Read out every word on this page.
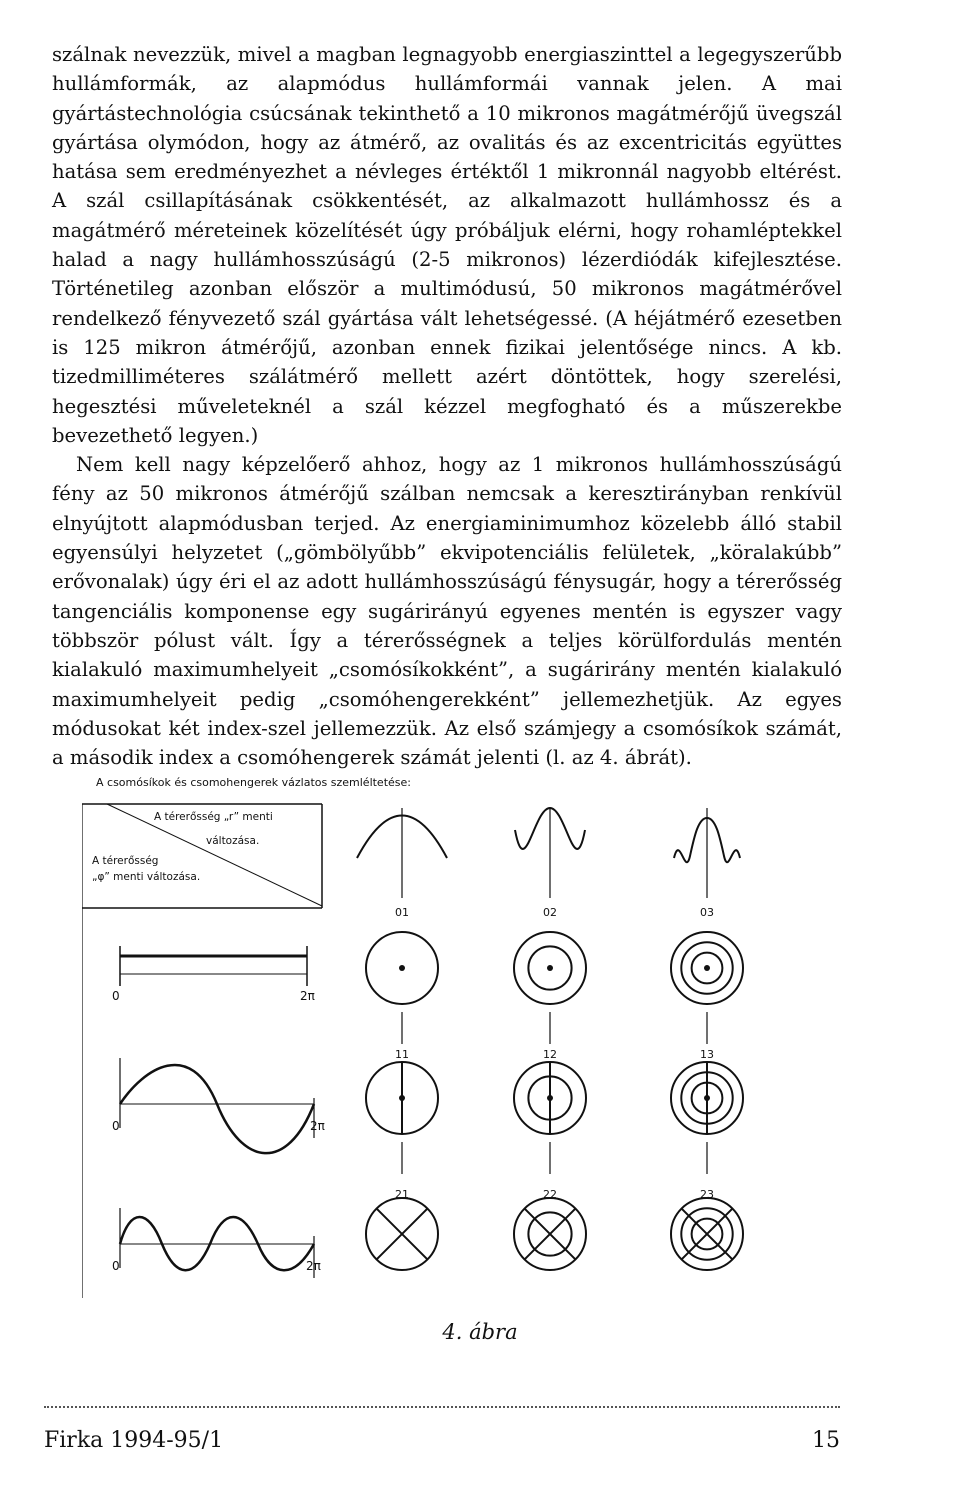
szálnak nevezzük, mivel a magban legnagyobb energiaszinttel a legegyszerűbb hullámformák, az alapmódus hullámformái vannak jelen. A mai gyártástechnológia csúcsának tekinthető a 10 mikronos magátmérőjű üvegszál gyártása olymódon, hogy az átmérő, az ovalitás és az excentricitás együttes hatása sem eredményezhet a névleges értéktől 1 mikronnál nagyobb eltérést. A szál csillapításának csökkentését, az alkalmazott hullámhossz és a magátmérő méreteinek közelítését úgy próbáljuk elérni, hogy rohamléptekkel halad a nagy hullámhosszúságú (2-5 mikronos) lézerdiódák kifejlesztése. Történetileg azonban először a multimódusú, 50 mikronos magátmérővel rendelkező fényvezető szál gyártása vált lehetségessé. (A héjátmérő ezesetben is 125 mikron átmérőjű, azonban ennek fizikai jelentősége nincs. A kb. tizedmilliméteres szálátmérő mellett azért döntöttek, hogy szerelési, hegesztési műveleteknél a szál kézzel megfogható és a műszerekbe bevezethető legyen.)

Nem kell nagy képzelőerő ahhoz, hogy az 1 mikronos hullámhosszúságú fény az 50 mikronos átmérőjű szálban nemcsak a keresztirányban renkívül elnyújtott alapmódusban terjed. Az energiaminimumhoz közelebb álló stabil egyensúlyi helyzetet („gömbölyűbb” ekvipotenciális felületek, „köralakúbb” erővonalak) úgy éri el az adott hullámhosszúságú fénysugár, hogy a térerősség tangenciális komponense egy sugárirányú egyenes mentén is egyszer vagy többször pólust vált. Így a térerősségnek a teljes körülfordulás mentén kialakuló maximumhelyeit „csomósíkokként”, a sugárirány mentén kialakuló maximumhelyeit pedig „csomóhengerekként” jellemezhetjük. Az egyes módusokat két index-szel jellemezzük. Az első számjegy a csomósíkok számát, a második index a csomóhengerek számát jelenti (l. az 4. ábrát).

A csomósíkok és csomohengerek vázlatos szemléltetése:
A térerősség „r” menti
változása.
A térerősség
„φ” menti változása.
0	2π
0	2π
0	2π
01	02	03
11	12	13
21	22	23
4. ábra
Firka 1994-95/1	15
